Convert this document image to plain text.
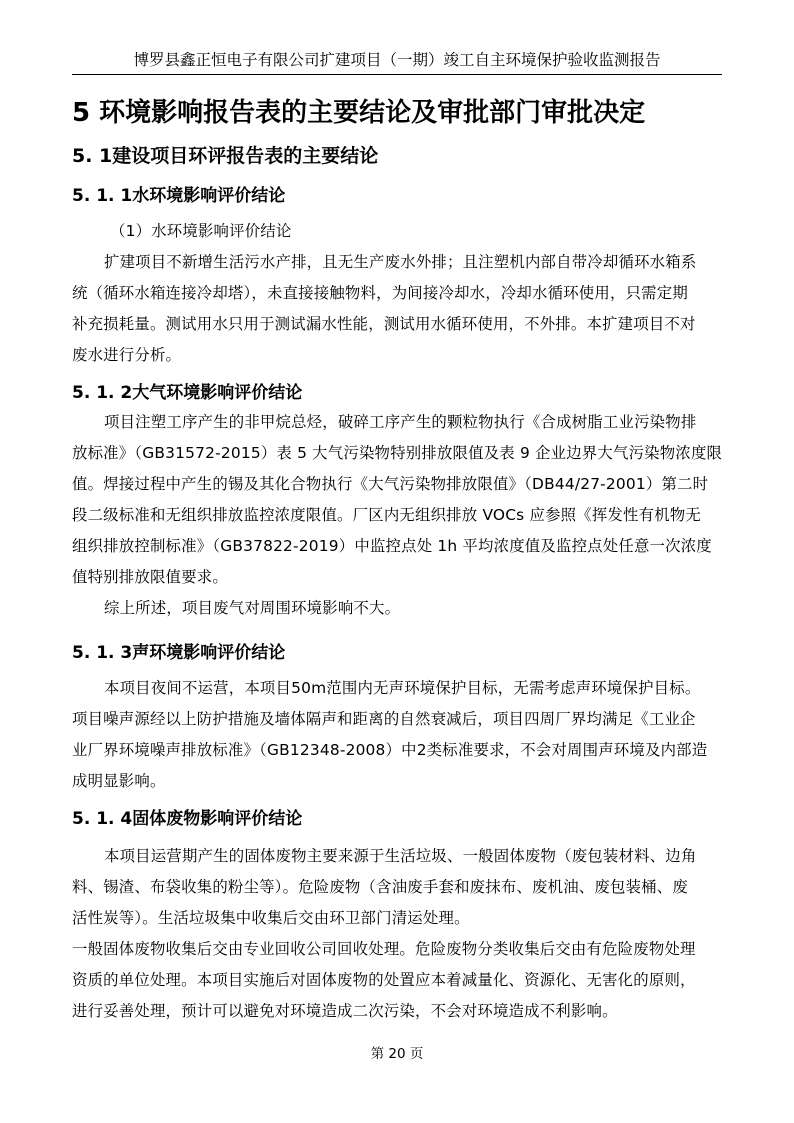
博罗县鑫正恒电子有限公司扩建项目（一期）竣工自主环境保护验收监测报告
5 环境影响报告表的主要结论及审批部门审批决定
5. 1建设项目环评报告表的主要结论
5. 1. 1水环境影响评价结论

（1）水环境影响评价结论
扩建项目不新增生活污水产排，且无生产废水外排；且注塑机内部自带冷却循环水箱系
统（循环水箱连接冷却塔），未直接接触物料，为间接冷却水，冷却水循环使用，只需定期
补充损耗量。测试用水只用于测试漏水性能，测试用水循环使用，不外排。本扩建项目不对
废水进行分析。

5. 1. 2大气环境影响评价结论

项目注塑工序产生的非甲烷总烃，破碎工序产生的颗粒物执行《合成树脂工业污染物排
放标准》（GB31572-2015）表 5 大气污染物特别排放限值及表 9 企业边界大气污染物浓度限
值。焊接过程中产生的锡及其化合物执行《大气污染物排放限值》（DB44/27-2001）第二时
段二级标准和无组织排放监控浓度限值。厂区内无组织排放 VOCs 应参照《挥发性有机物无
组织排放控制标准》（GB37822-2019）中监控点处 1h 平均浓度值及监控点处任意一次浓度
值特别排放限值要求。
综上所述，项目废气对周围环境影响不大。

5. 1. 3声环境影响评价结论

本项目夜间不运营，本项目50m范围内无声环境保护目标，无需考虑声环境保护目标。
项目噪声源经以上防护措施及墙体隔声和距离的自然衰减后，项目四周厂界均满足《工业企
业厂界环境噪声排放标准》（GB12348-2008）中2类标准要求，不会对周围声环境及内部造
成明显影响。

5. 1. 4固体废物影响评价结论

本项目运营期产生的固体废物主要来源于生活垃圾、一般固体废物（废包装材料、边角
料、锡渣、布袋收集的粉尘等）。危险废物（含油废手套和废抹布、废机油、废包装桶、废
活性炭等）。生活垃圾集中收集后交由环卫部门清运处理。
一般固体废物收集后交由专业回收公司回收处理。危险废物分类收集后交由有危险废物处理
资质的单位处理。本项目实施后对固体废物的处置应本着减量化、资源化、无害化的原则，
进行妥善处理，预计可以避免对环境造成二次污染，不会对环境造成不利影响。

第 20 页
